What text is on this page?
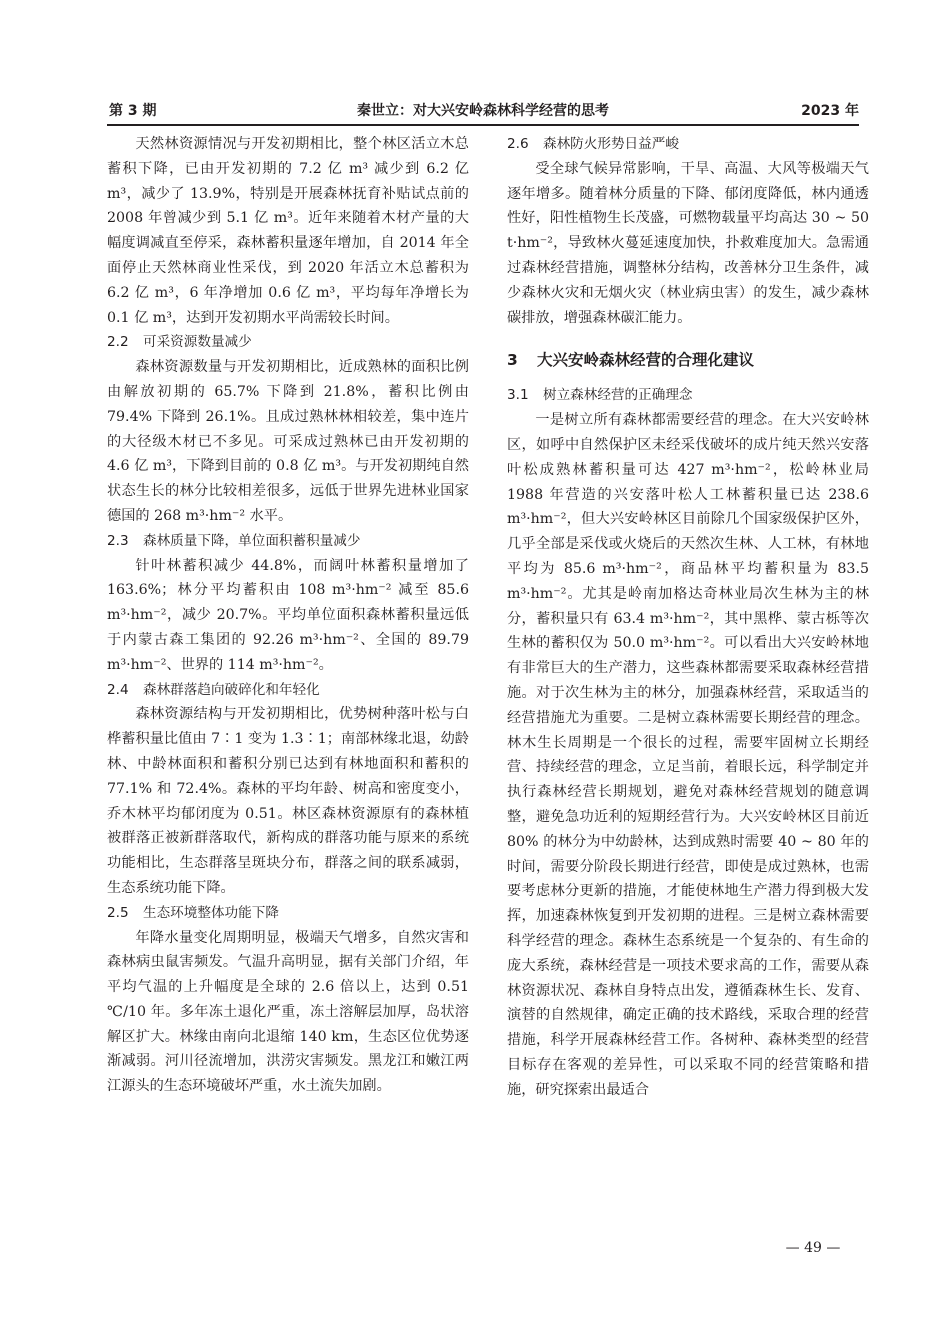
第 3 期	秦世立：对大兴安岭森林科学经营的思考	2023 年

天然林资源情况与开发初期相比，整个林区活立木总蓄积下降，已由开发初期的 7.2 亿 m³ 减少到 6.2 亿 m³，减少了 13.9%，特别是开展森林抚育补贴试点前的 2008 年曾减少到 5.1 亿 m³。近年来随着木材产量的大幅度调减直至停采，森林蓄积量逐年增加，自 2014 年全面停止天然林商业性采伐，到 2020 年活立木总蓄积为 6.2 亿 m³，6 年净增加 0.6 亿 m³，平均每年净增长为 0.1 亿 m³，达到开发初期水平尚需较长时间。

2.2 可采资源数量减少

森林资源数量与开发初期相比，近成熟林的面积比例由解放初期的 65.7% 下降到 21.8%，蓄积比例由 79.4% 下降到 26.1%。且成过熟林林相较差，集中连片的大径级木材已不多见。可采成过熟林已由开发初期的 4.6 亿 m³，下降到目前的 0.8 亿 m³。与开发初期纯自然状态生长的林分比较相差很多，远低于世界先进林业国家德国的 268 m³·hm⁻² 水平。

2.3 森林质量下降，单位面积蓄积量减少

针叶林蓄积减少 44.8%，而阔叶林蓄积量增加了 163.6%；林分平均蓄积由 108 m³·hm⁻² 减至 85.6 m³·hm⁻²，减少 20.7%。平均单位面积森林蓄积量远低于内蒙古森工集团的 92.26 m³·hm⁻²、全国的 89.79 m³·hm⁻²、世界的 114 m³·hm⁻²。

2.4 森林群落趋向破碎化和年轻化

森林资源结构与开发初期相比，优势树种落叶松与白桦蓄积量比值由 7∶1 变为 1.3∶1；南部林缘北退，幼龄林、中龄林面积和蓄积分别已达到有林地面积和蓄积的 77.1% 和 72.4%。森林的平均年龄、树高和密度变小，乔木林平均郁闭度为 0.51。林区森林资源原有的森林植被群落正被新群落取代，新构成的群落功能与原来的系统功能相比，生态群落呈斑块分布，群落之间的联系减弱，生态系统功能下降。

2.5 生态环境整体功能下降

年降水量变化周期明显，极端天气增多，自然灾害和森林病虫鼠害频发。气温升高明显，据有关部门介绍，年平均气温的上升幅度是全球的 2.6 倍以上，达到 0.51 ℃/10 年。多年冻土退化严重，冻土溶解层加厚，岛状溶解区扩大。林缘由南向北退缩 140 km，生态区位优势逐渐减弱。河川径流增加，洪涝灾害频发。黑龙江和嫩江两江源头的生态环境破坏严重，水土流失加剧。

2.6 森林防火形势日益严峻

受全球气候异常影响，干旱、高温、大风等极端天气逐年增多。随着林分质量的下降、郁闭度降低，林内通透性好，阳性植物生长茂盛，可燃物载量平均高达 30 ~ 50 t·hm⁻²，导致林火蔓延速度加快，扑救难度加大。急需通过森林经营措施，调整林分结构，改善林分卫生条件，减少森林火灾和无烟火灾（林业病虫害）的发生，减少森林碳排放，增强森林碳汇能力。

3 大兴安岭森林经营的合理化建议
3.1 树立森林经营的正确理念

一是树立所有森林都需要经营的理念。在大兴安岭林区，如呼中自然保护区未经采伐破坏的成片纯天然兴安落叶松成熟林蓄积量可达 427 m³·hm⁻²，松岭林业局 1988 年营造的兴安落叶松人工林蓄积量已达 238.6 m³·hm⁻²，但大兴安岭林区目前除几个国家级保护区外，几乎全部是采伐或火烧后的天然次生林、人工林，有林地平均为 85.6 m³·hm⁻²，商品林平均蓄积量为 83.5 m³·hm⁻²。尤其是岭南加格达奇林业局次生林为主的林分，蓄积量只有 63.4 m³·hm⁻²，其中黑桦、蒙古栎等次生林的蓄积仅为 50.0 m³·hm⁻²。可以看出大兴安岭林地有非常巨大的生产潜力，这些森林都需要采取森林经营措施。对于次生林为主的林分，加强森林经营，采取适当的经营措施尤为重要。二是树立森林需要长期经营的理念。林木生长周期是一个很长的过程，需要牢固树立长期经营、持续经营的理念，立足当前，着眼长远，科学制定并执行森林经营长期规划，避免对森林经营规划的随意调整，避免急功近利的短期经营行为。大兴安岭林区目前近 80% 的林分为中幼龄林，达到成熟时需要 40 ~ 80 年的时间，需要分阶段长期进行经营，即使是成过熟林，也需要考虑林分更新的措施，才能使林地生产潜力得到极大发挥，加速森林恢复到开发初期的进程。三是树立森林需要科学经营的理念。森林生态系统是一个复杂的、有生命的庞大系统，森林经营是一项技术要求高的工作，需要从森林资源状况、森林自身特点出发，遵循森林生长、发育、演替的自然规律，确定正确的技术路线，采取合理的经营措施，科学开展森林经营工作。各树种、森林类型的经营目标存在客观的差异性，可以采取不同的经营策略和措施，研究探索出最适合

— 49 —
